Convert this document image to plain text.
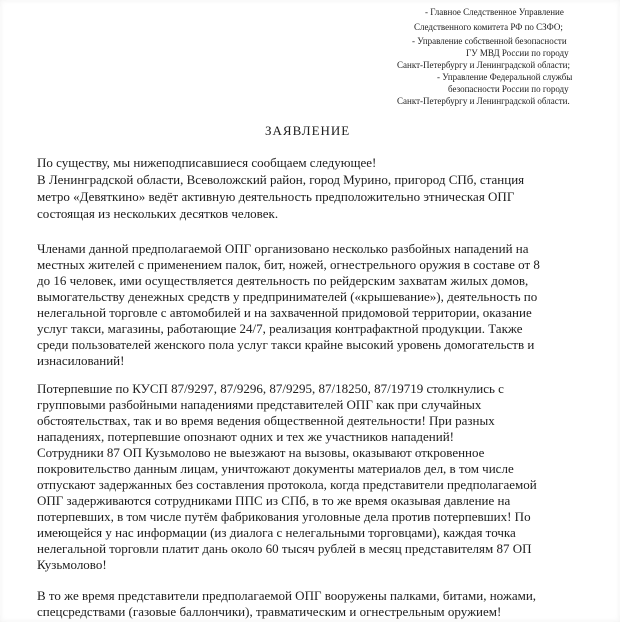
- Главное Следственное Управление
Следственного комитета РФ по СЗФО;
- Управление собственной безопасности
ГУ МВД России по городу
Санкт-Петербургу и Ленинградской области;
- Управление Федеральной службы
безопасности России по городу
Санкт-Петербургу и Ленинградской области.
ЗАЯВЛЕНИЕ
По существу, мы нижеподписавшиеся сообщаем следующее!
В Ленинградской области, Всеволожский район, город Мурино, пригород СПб, станция
метро «Девяткино» ведёт активную деятельность предположительно этническая ОПГ
состоящая из нескольких десятков человек.
Членами данной предполагаемой ОПГ организовано несколько разбойных нападений на
местных жителей с применением палок, бит, ножей, огнестрельного оружия в составе от 8
до 16 человек, ими осуществляется деятельность по рейдерским захватам жилых домов,
вымогательству денежных средств у предпринимателей («крышевание»), деятельность по
нелегальной торговле с автомобилей и на захваченной придомовой территории, оказание
услуг такси, магазины, работающие 24/7, реализация контрафактной продукции. Также
среди пользователей женского пола услуг такси крайне высокий уровень домогательств и
изнасилований!
Потерпевшие по КУСП 87/9297, 87/9296, 87/9295, 87/18250, 87/19719 столкнулись с
групповыми разбойными нападениями представителей ОПГ как при случайных
обстоятельствах, так и во время ведения общественной деятельности! При разных
нападениях, потерпевшие опознают одних и тех же участников нападений!
Сотрудники 87 ОП Кузьмолово не выезжают на вызовы, оказывают откровенное
покровительство данным лицам, уничтожают документы материалов дел, в том числе
отпускают задержанных без составления протокола, когда представители предполагаемой
ОПГ задерживаются сотрудниками ППС из СПб, в то же время оказывая давление на
потерпевших, в том числе путём фабрикования уголовные дела против потерпевших! По
имеющейся у нас информации (из диалога с нелегальными торговцами), каждая точка
нелегальной торговли платит дань около 60 тысяч рублей в месяц представителям 87 ОП
Кузьмолово!
В то же время представители предполагаемой ОПГ вооружены палками, битами, ножами,
спецсредствами (газовые баллончики), травматическим и огнестрельным оружием!
